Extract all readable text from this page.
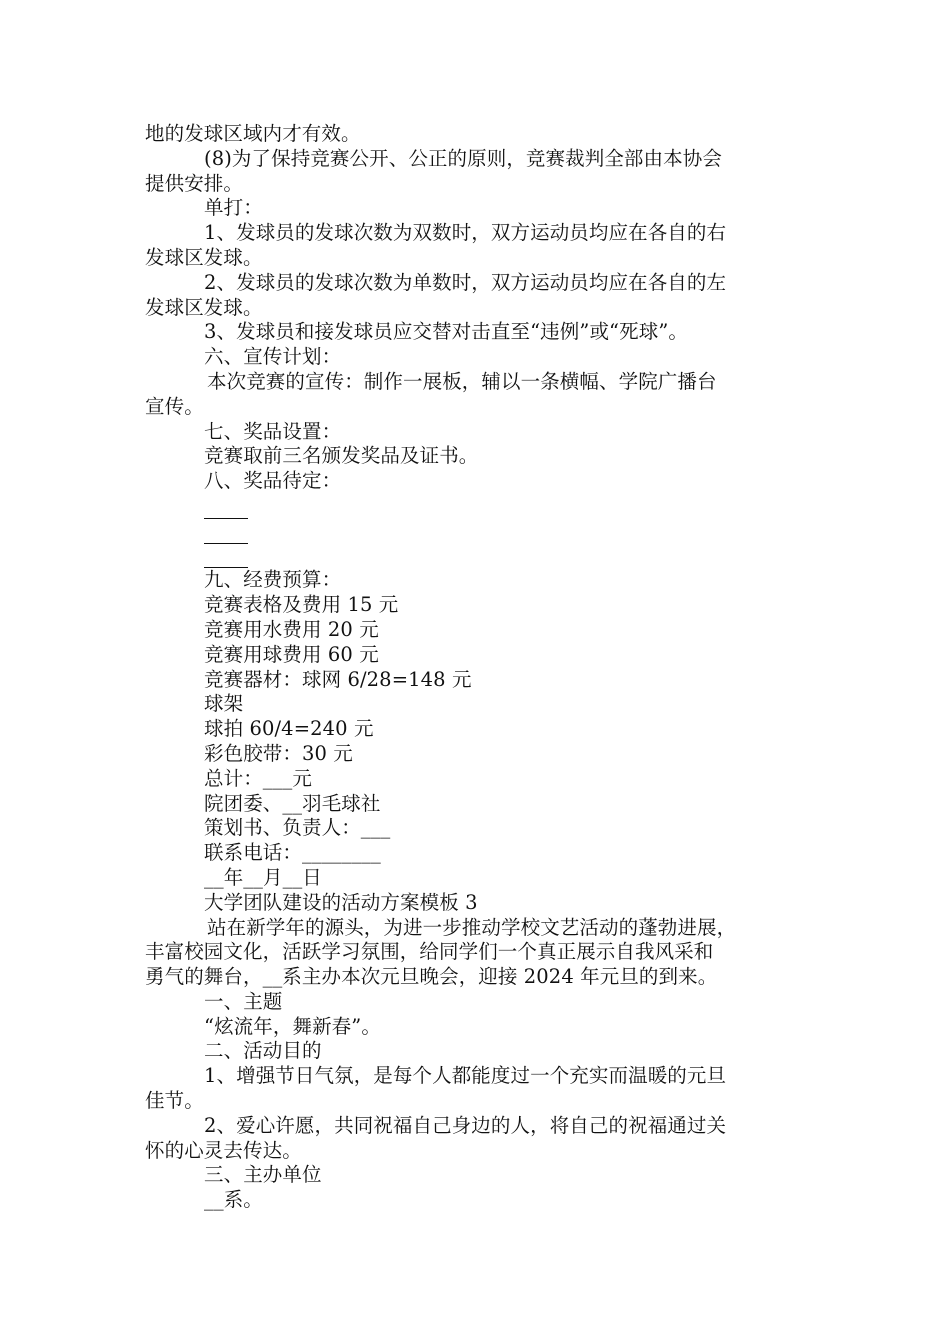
地的发球区域内才有效。
(8)为了保持竞赛公开、公正的原则，竞赛裁判全部由本协会
提供安排。
单打：
1、发球员的发球次数为双数时，双方运动员均应在各自的右
发球区发球。
2、发球员的发球次数为单数时，双方运动员均应在各自的左
发球区发球。
3、发球员和接发球员应交替对击直至“违例”或“死球”。
六、宣传计划：
本次竞赛的宣传：制作一展板，辅以一条横幅、学院广播台
宣传。
七、奖品设置：
竞赛取前三名颁发奖品及证书。
八、奖品待定：
九、经费预算：
竞赛表格及费用 15 元
竞赛用水费用 20 元
竞赛用球费用 60 元
竞赛器材：球网 6/28=148 元
球架
球拍 60/4=240 元
彩色胶带：30 元
总计：___元
院团委、__羽毛球社
策划书、负责人：___
联系电话：________
__年__月__日
大学团队建设的活动方案模板 3
站在新学年的源头，为进一步推动学校文艺活动的蓬勃进展，
丰富校园文化，活跃学习氛围，给同学们一个真正展示自我风采和
勇气的舞台，__系主办本次元旦晚会，迎接 2024 年元旦的到来。
一、主题
“炫流年，舞新春”。
二、活动目的
1、增强节日气氛，是每个人都能度过一个充实而温暖的元旦
佳节。
2、爱心许愿，共同祝福自己身边的人，将自己的祝福通过关
怀的心灵去传达。
三、主办单位
__系。
